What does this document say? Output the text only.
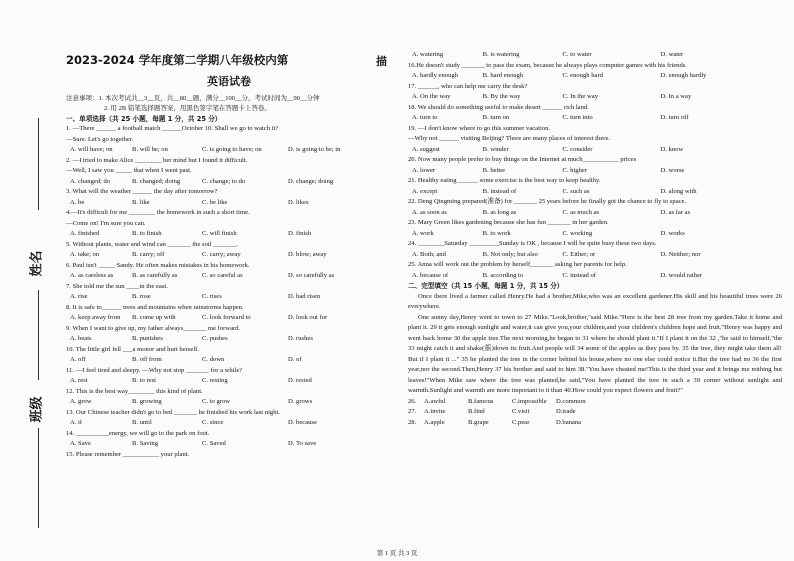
姓名
班级
2023-2024 学年度第二学期八年级校内第	描
英语试卷
注意事项：1. 本次考试共__3__页，共__80__题，满分__100__分，考试时间为__90__分钟
2. 用 2B 铅笔选择题答案，用黑色签字笔在答题卡上答卷。
一、单项选择（共 25 小题，每题 1 分，共 25 分）
1. —There ______ a football match ______October 10. Shall we go to watch it?
—Sure. Let's go together.
A. will have; on	B. will be; on	C. is going to have; on	D. is going to be; in
2. —I tried to make Alice ________ her mind but I found it difficult.
—Well, I saw you _____ that when I went past.
A. changed; do	B. changed; doing	C. change; to do	D. change; doing
3. What will the weather ______ the day after tomorrow?
A. be	B. like	C. be like	D. likes
4.—It's difficult for me ________ the homework in such a short time.
—Come on! I'm sure you can.
A. finished	B. to finish	C. will finish	D. finish
5. Without plants, water and wind can _______ the soil _______.
A. take; on	B. carry; off	C. carry; away	D. blow; away
6. Paul isn't _____ Sandy. He often makes mistakes in his homework.
A. as careless as	B. as carefully as	C. so careful as	D. so carefully as
7. She told me the sun ____in the east.
A. rise	B. rose	C. rises	D. had risen
8. It is safe to______ trees and mountains when rainstorms happen.
A. keep away from B. come up with	C. look forward to	D. look out for
9. When I want to give up, my father always_______ me forward.
A. beats	B. punishes	C. pushes	D. rushes
10. The little girl fell ___a monor and hurt herself.
A. off	B. off from	C. down	D. of
11. —I feel tired and sleepy. —Why not stop _______ for a while?
A. rest	B. to rest	C. resting	D. rested
12. This is the best way________ this kind of plant.
A. grow	B. growing	C. to grow	D. grows
13. Our Chinese teacher didn't go to bed _______ he finished his work last night.
A. if	B. until	C. since	D. because
14. __________energy, we will go to the park on foot.
A. Save	B. Saving	C. Saved	D. To save
15. Please remember ___________ your plant.
A. watering	B. is watering	C. to water	D. water
16.He doesn't study _______ to pass the exam, because he always plays computer games with his friends.
A. hardly enough	B. hard enough	C. enough hard	D. enough hardly
17. ______, who can help me carry the desk?
A. On the way	B. By the way	C. In the way	D. In a way
18. We should do something useful to make desert ______ rich land.
A. turn to	B. turn on	C. turn into	D. turn off
19. —I don't know where to go this summer vacation.
—Why not ______ visiting Beijing? There are many places of interest there.
A. suggest	B. winder	C. consider	D. know
20. Now many people prefer to buy things on the Internet at much___________ prices
A. lower	B. better	C. higher	D. worse
21. Healthy eating ______ some exercise is the best way to keep healthy.
A. except	B. instead of	C. such as	D. along with
22. Deng Qingming prepared(准备) for _______ 25 years before he finally got the chance to fly to space.
A. as soon as	B. as long as	C. as much as	D. as far as
23. Mary Green likes gardening because she has fun _______ in her garden.
A. work	B. to work	C. working	D. works
24. ________Saturday _________Sunday is OK , because I will be quite busy these two days.
A. Both; and	B. Not only; but also	C. Either; or	D. Neither; nor
25. Anna will work out the problem by herself_______ asking her parents for help.
A. because of	B. according to	C. instead of	D. would rather
二、完型填空（共 15 小题，每题 1 分，共 15 分）

Once there lived a farmer called Henry.He had a brother,Mike,who was an excellent gardener.His skill and his beautiful trees were 26 everywhere.

One sunny day,Henry went to town to 27 Mike."Look,brother,"said Mike."Here is the best 28 tree from my garden.Take it home and plant it. 29 it gets enough sunlight and water,it can give you,your children,and your children's children hope and fruit."Henry was happy and went back home 30 the apple tree.The next morning,he began to 31 where he should plant it."If I plant it on the 32 ,"he said to himself,"the 33 might catch it and shake(摇)down its fruit.And people will 34 some of the apples as they pass by. 35 the tree, they might take them all! But if I plant it ..." 35 he planted the tree in the corner behind his house,where no one else could notice it.But the tree had no 36 the first year,nor the second.Then,Henry 37 his brother and said to him 38."You have cheated me!This is the third year and it brings me nothing but leaves!"When Mike saw where the tree was planted,he said,"You have planted the tree in such a 39 corner without sunlight and warmth.Sunlight and warmth are more important to it than 40.How could you expect flowers and fruit?"

26. A.awful	B.famous	C.impossible D.common
27. A.invite	B.find	C.visit	D.trade
28. A.apple	B.grape	C.pear	D.banana
第 1 页 共 3 页
